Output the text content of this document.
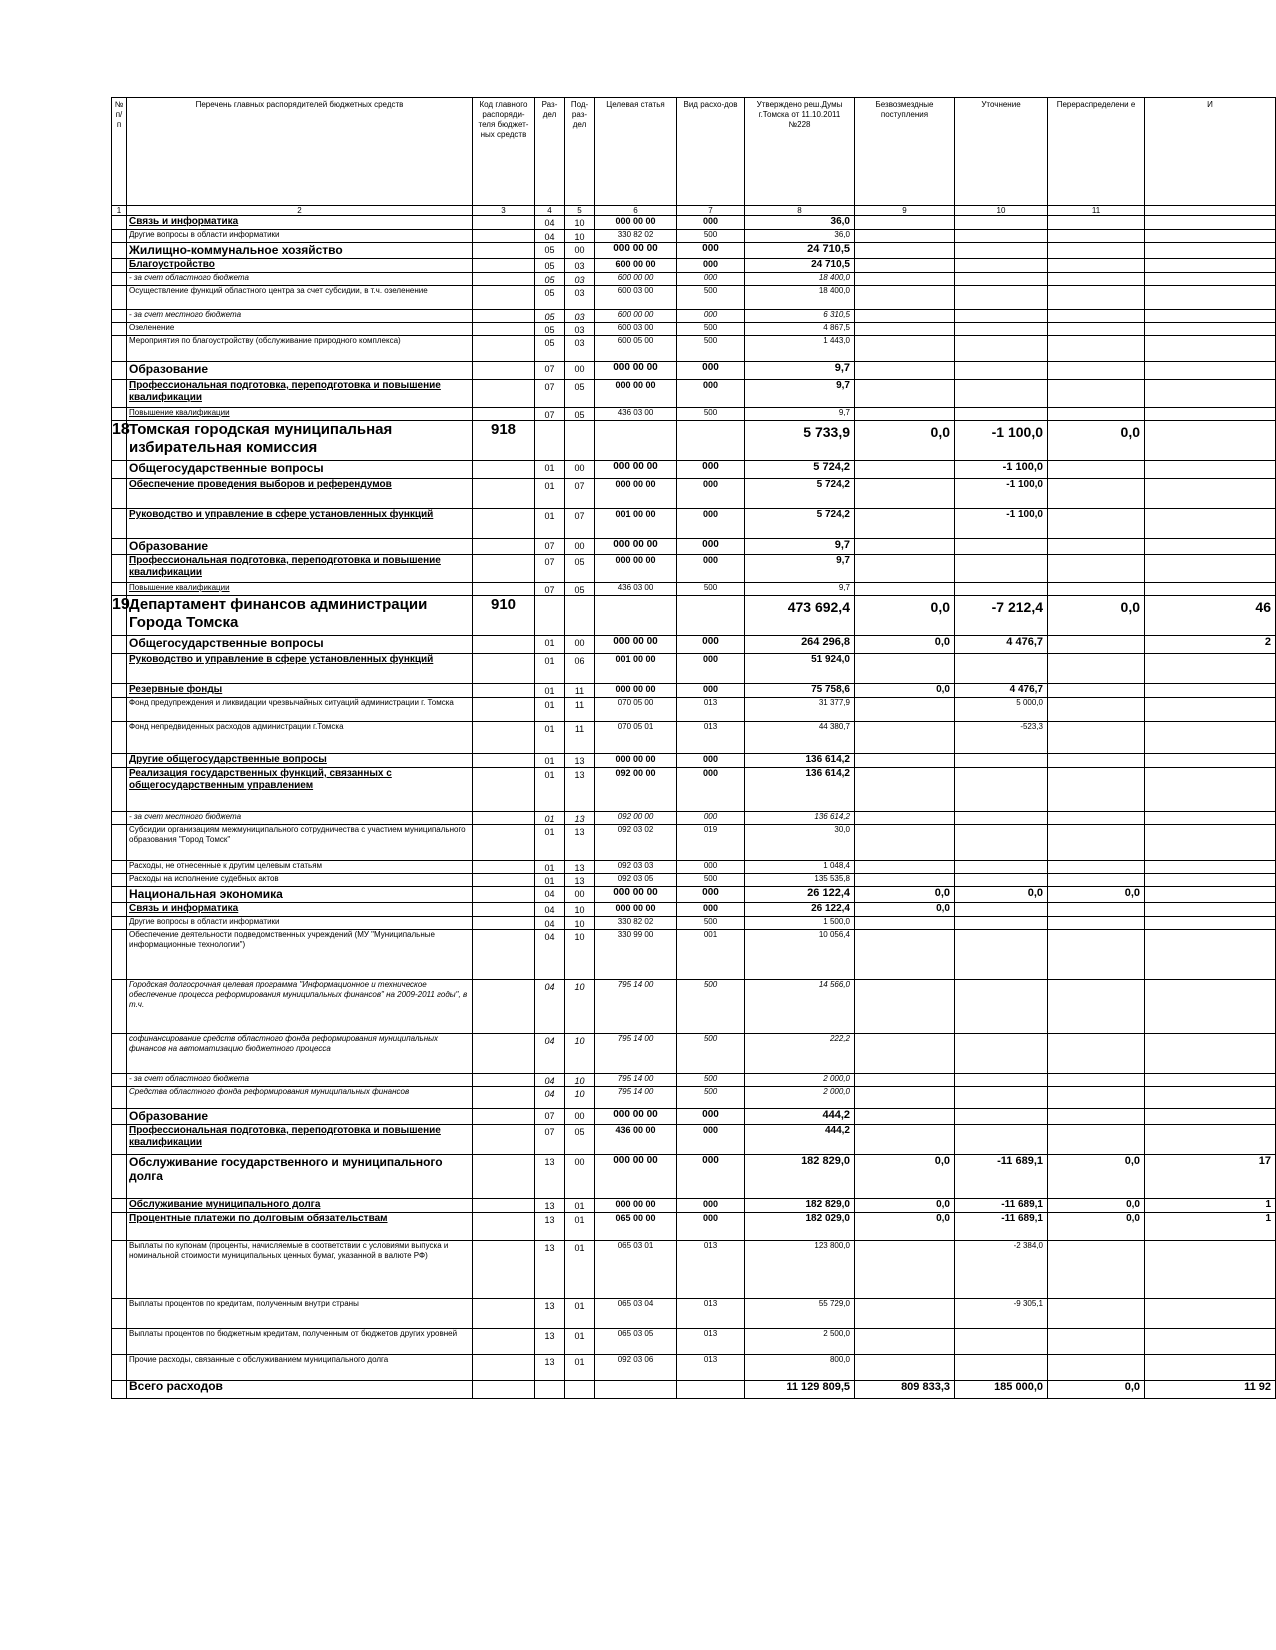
№ п/п	Перечень главных распорядителей бюджетных средств	Код главного распоряди-теля бюджет-ных средств	Раз-дел	Под-раз-дел	Целевая статья	Вид расхо-дов	Утверждено реш.Думы г.Томска от 11.10.2011 №228	Безвозмездные поступления	Уточнение	Перераспределени е	И
1	2	3	4	5	6	7	8	9	10	11	
	Связь и информатика		04	10	000 00 00	000	36,0				
	Другие вопросы в области информатики		04	10	330 82 02	500	36,0				
	Жилищно-коммунальное хозяйство		05	00	000 00 00	000	24 710,5				
	Благоустройство		05	03	600 00 00	000	24 710,5				
	- за счет областного бюджета		05	03	600 00 00	000	18 400,0				
	Осуществление функций областного центра за счет субсидии, в т.ч. озеленение		05	03	600 03 00	500	18 400,0				
	- за счет местного бюджета		05	03	600 00 00	000	6 310,5				
	Озеленение		05	03	600 03 00	500	4 867,5				
	Мероприятия по благоустройству (обслуживание природного комплекса)		05	03	600 05 00	500	1 443,0				
	Образование		07	00	000 00 00	000	9,7				
	Профессиональная подготовка, переподготовка и повышение квалификации		07	05	000 00 00	000	9,7				
	Повышение квалификации		07	05	436 03 00	500	9,7				
18	Томская городская муниципальная избирательная комиссия	918					5 733,9	0,0	-1 100,0	0,0	
	Общегосударственные вопросы		01	00	000 00 00	000	5 724,2		-1 100,0		
	Обеспечение проведения выборов и референдумов		01	07	000 00 00	000	5 724,2		-1 100,0		
	Руководство и управление в сфере установленных функций		01	07	001 00 00	000	5 724,2		-1 100,0		
	Образование		07	00	000 00 00	000	9,7				
	Профессиональная подготовка, переподготовка и повышение квалификации		07	05	000 00 00	000	9,7				
	Повышение квалификации		07	05	436 03 00	500	9,7				
19	Департамент финансов администрации Города Томска	910					473 692,4	0,0	-7 212,4	0,0	46
	Общегосударственные вопросы		01	00	000 00 00	000	264 296,8	0,0	4 476,7		2
	Руководство и управление в сфере установленных функций		01	06	001 00 00	000	51 924,0				
	Резервные фонды		01	11	000 00 00	000	75 758,6	0,0	4 476,7		
	Фонд предупреждения и ликвидации чрезвычайных ситуаций администрации г. Томска		01	11	070 05 00	013	31 377,9		5 000,0		
	Фонд непредвиденных расходов администрации г.Томска		01	11	070 05 01	013	44 380,7		-523,3		
	Другие общегосударственные вопросы		01	13	000 00 00	000	136 614,2				
	Реализация государственных функций, связанных с общегосударственным управлением		01	13	092 00 00	000	136 614,2				
	- за счет местного бюджета		01	13	092 00 00	000	136 614,2				
	Субсидии организациям межмуниципального сотрудничества с участием муниципального образования "Город Томск"		01	13	092 03 02	019	30,0				
	Расходы, не отнесенные к другим целевым статьям		01	13	092 03 03	000	1 048,4				
	Расходы на исполнение судебных актов		01	13	092 03 05	500	135 535,8				
	Национальная экономика		04	00	000 00 00	000	26 122,4	0,0	0,0	0,0	
	Связь и информатика		04	10	000 00 00	000	26 122,4	0,0			
	Другие вопросы в области информатики		04	10	330 82 02	500	1 500,0				
	Обеспечение деятельности подведомственных учреждений (МУ "Муниципальные информационные технологии")		04	10	330 99 00	001	10 056,4				
	Городская долгосрочная целевая программа "Информационное и техническое обеспечение процесса реформирования муниципальных финансов" на 2009-2011 годы", в т.ч.		04	10	795 14 00	500	14 566,0				
	софинансирование средств областного фонда реформирования муниципальных финансов на автоматизацию бюджетного процесса		04	10	795 14 00	500	222,2				
	- за счет областного бюджета		04	10	795 14 00	500	2 000,0				
	Средства областного фонда реформирования муниципальных финансов		04	10	795 14 00	500	2 000,0				
	Образование		07	00	000 00 00	000	444,2				
	Профессиональная подготовка, переподготовка и повышение квалификации		07	05	436 00 00	000	444,2				
	Обслуживание государственного и муниципального долга		13	00	000 00 00	000	182 829,0	0,0	-11 689,1	0,0	17
	Обслуживание муниципального долга		13	01	000 00 00	000	182 829,0	0,0	-11 689,1	0,0	1
	Процентные платежи по долговым обязательствам		13	01	065 00 00	000	182 029,0	0,0	-11 689,1	0,0	1
	Выплаты по купонам (проценты, начисляемые в соответствии с условиями выпуска и номинальной стоимости муниципальных ценных бумаг, указанной в валюте РФ)		13	01	065 03 01	013	123 800,0		-2 384,0		
	Выплаты процентов по кредитам, полученным внутри страны		13	01	065 03 04	013	55 729,0		-9 305,1		
	Выплаты процентов по бюджетным кредитам, полученным от бюджетов других уровней		13	01	065 03 05	013	2 500,0				
	Прочие расходы, связанные с обслуживанием муниципального долга		13	01	092 03 06	013	800,0				
	Всего расходов						11 129 809,5	809 833,3	185 000,0	0,0	11 92
